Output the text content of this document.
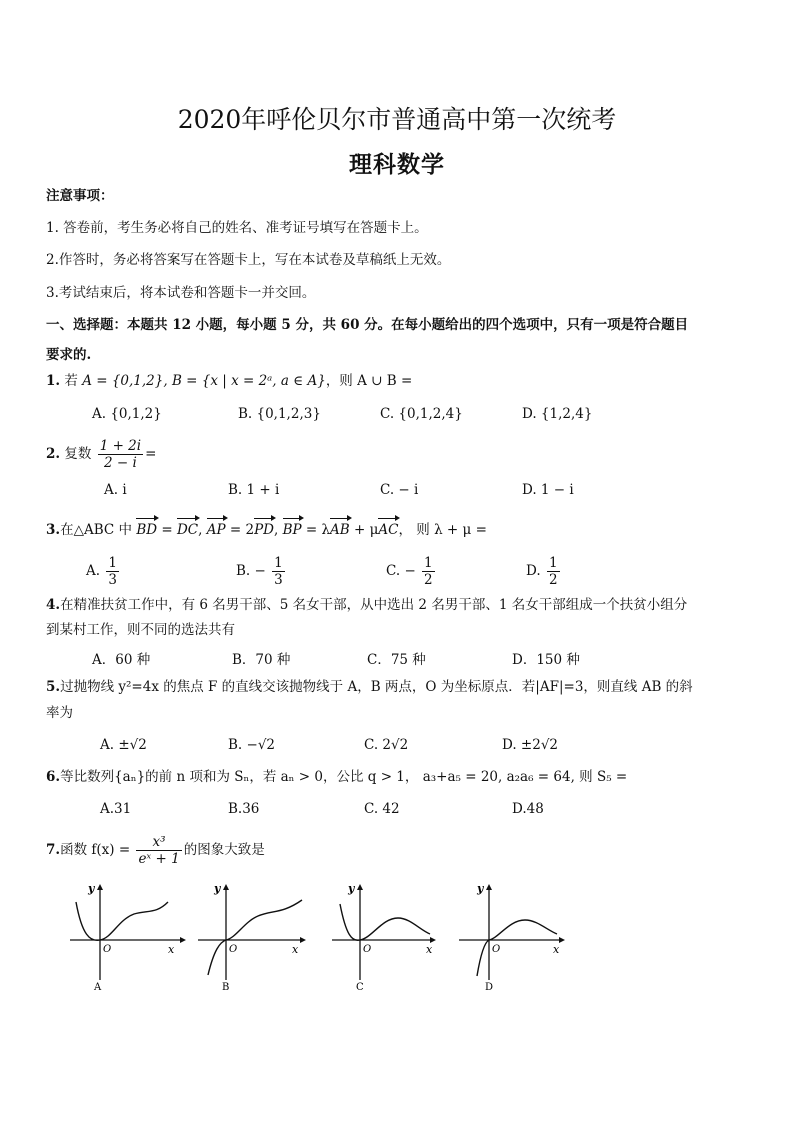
2020年呼伦贝尔市普通高中第一次统考
理科数学
注意事项：
1. 答卷前，考生务必将自己的姓名、准考证号填写在答题卡上。
2.作答时，务必将答案写在答题卡上，写在本试卷及草稿纸上无效。
3.考试结束后，将本试卷和答题卡一并交回。
一、选择题：本题共 12 小题，每小题 5 分，共 60 分。在每小题给出的四个选项中，只有一项是符合题目
要求的.
1. 若 A = {0,1,2}, B = {x | x = 2ᵃ, a ∈ A}，则 A ∪ B =
A. {0,1,2}	B. {0,1,2,3}	C. {0,1,2,4}	D. {1,2,4}
2. 复数 $\frac{1 + 2i}{2 - i}$ =
A. i	B. 1 + i	C. − i	D. 1 − i
3.在△ABC 中 BD = DC, AP = 2PD, BP = λAB + μAC， 则 λ + μ =
A. $\frac{1}{3}$	B. − $\frac{1}{3}$	C. − $\frac{1}{2}$	D. $\frac{1}{2}$
4.在精准扶贫工作中，有 6 名男干部、5 名女干部，从中选出 2 名男干部、1 名女干部组成一个扶贫小组分
到某村工作，则不同的选法共有
A．60 种	B．70 种	C．75 种	D．150 种
5.过抛物线 y²=4x 的焦点 F 的直线交该抛物线于 A，B 两点，O 为坐标原点．若|AF|=3，则直线 AB 的斜
率为
A. ±√2	B. −√2	C. 2√2	D. ±2√2
6.等比数列{aₙ}的前 n 项和为 Sₙ，若 aₙ > 0，公比 q > 1， a₃+a₅ = 20, a₂a₆ = 64, 则 S₅ =
A.31	B.36	C. 42	D.48
7.函数 $f(x) = \frac{\text{x³}}{\text{eˣ + 1}}$ 的图象大致是
y
x
O
A
y
x
O
B
y
x
O
C
y
x
O
D
